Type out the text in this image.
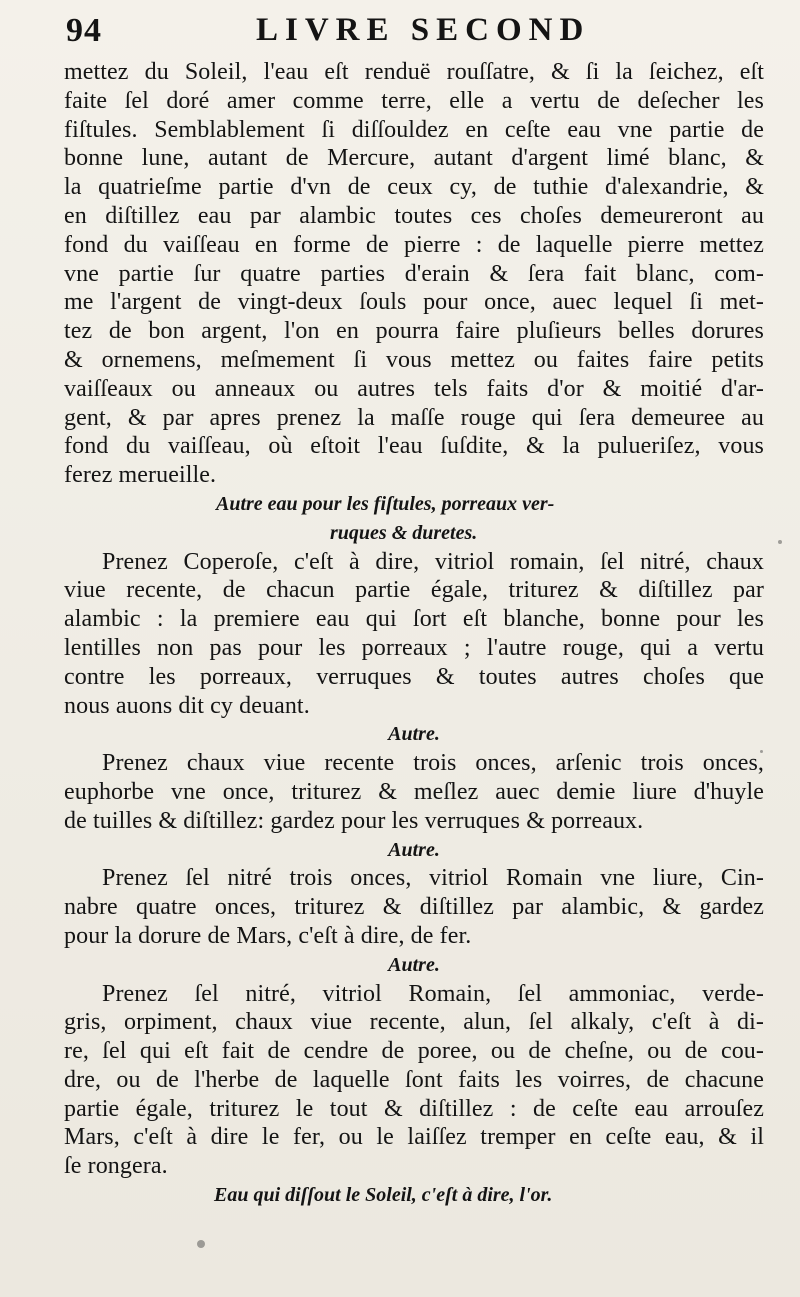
94	LIVRE SECOND
mettez du Soleil, l'eau eſt renduë rouſſatre, & ſi la ſeichez, eſt
faite ſel doré amer comme terre, elle a vertu de deſecher les
fiſtules. Semblablement ſi diſſouldez en ceſte eau vne partie de
bonne lune, autant de Mercure, autant d'argent limé blanc, &
la quatrieſme partie d'vn de ceux cy, de tuthie d'alexandrie, &
en diſtillez eau par alambic toutes ces choſes demeureront au
fond du vaiſſeau en forme de pierre : de laquelle pierre mettez
vne partie ſur quatre parties d'erain & ſera fait blanc, com-
me l'argent de vingt-deux ſouls pour once, auec lequel ſi met-
tez de bon argent, l'on en pourra faire pluſieurs belles dorures
& ornemens, meſmement ſi vous mettez ou faites faire petits
vaiſſeaux ou anneaux ou autres tels faits d'or & moitié d'ar-
gent, & par apres prenez la maſſe rouge qui ſera demeuree au
fond du vaiſſeau, où eſtoit l'eau ſuſdite, & la pulueriſez, vous
ferez merueille.
Autre eau pour les fiſtules, porreaux ver-
ruques & duretes.
Prenez Coperoſe, c'eſt à dire, vitriol romain, ſel nitré, chaux
viue recente, de chacun partie égale, triturez & diſtillez par
alambic : la premiere eau qui ſort eſt blanche, bonne pour les
lentilles non pas pour les porreaux ; l'autre rouge, qui a vertu
contre les porreaux, verruques & toutes autres choſes que
nous auons dit cy deuant.
Autre.
Prenez chaux viue recente trois onces, arſenic trois onces,
euphorbe vne once, triturez & meſlez auec demie liure d'huyle
de tuilles & diſtillez: gardez pour les verruques & porreaux.
Autre.
Prenez ſel nitré trois onces, vitriol Romain vne liure, Cin-
nabre quatre onces, triturez & diſtillez par alambic, & gardez
pour la dorure de Mars, c'eſt à dire, de fer.
Autre.
Prenez ſel nitré, vitriol Romain, ſel ammoniac, verde-
gris, orpiment, chaux viue recente, alun, ſel alkaly, c'eſt à di-
re, ſel qui eſt fait de cendre de poree, ou de cheſne, ou de cou-
dre, ou de l'herbe de laquelle ſont faits les voirres, de chacune
partie égale, triturez le tout & diſtillez : de ceſte eau arrouſez
Mars, c'eſt à dire le fer, ou le laiſſez tremper en ceſte eau, & il
ſe rongera.
Eau qui diſſout le Soleil, c'eſt à dire, l'or.
